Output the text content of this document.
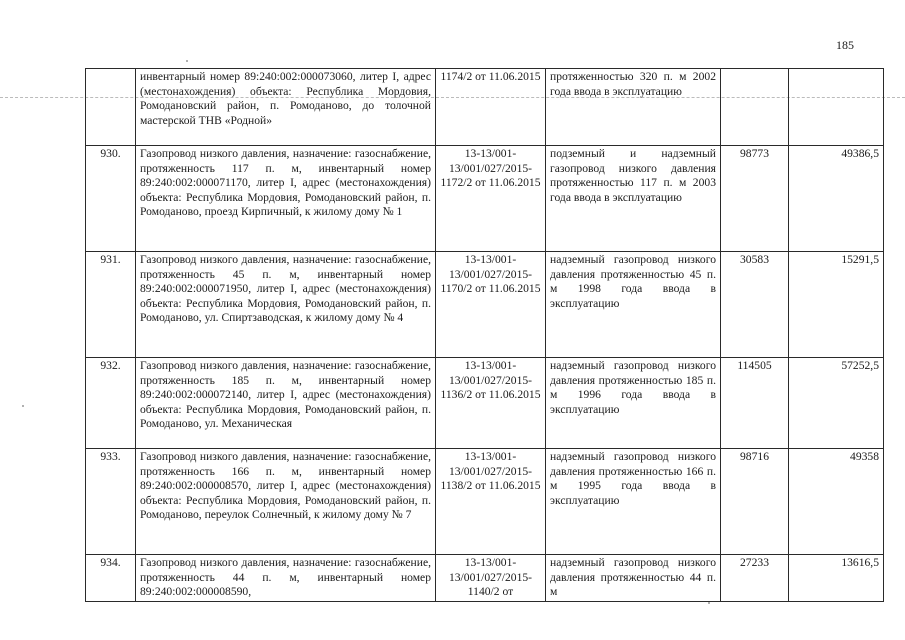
185
	инвентарный номер 89:240:002:000073060, литер I, адрес (местонахождения) объекта: Республика Мордовия, Ромодановский район, п. Ромоданово, до толочной мастерской ТНВ «Родной»	1174/2 от 11.06.2015	протяженностью 320 п. м 2002 года ввода в эксплуатацию		
930.	Газопровод низкого давления, назначение: газоснабжение, протяженность 117 п. м, инвентарный номер 89:240:002:000071170, литер I, адрес (местонахождения) объекта: Республика Мордовия, Ромодановский район, п. Ромоданово, проезд Кирпичный, к жилому дому № 1	13-13/001-13/001/027/2015-1172/2 от 11.06.2015	подземный и надземный газопровод низкого давления протяженностью 117 п. м 2003 года ввода в эксплуатацию	98773	49386,5
931.	Газопровод низкого давления, назначение: газоснабжение, протяженность 45 п. м, инвентарный номер 89:240:002:000071950, литер I, адрес (местонахождения) объекта: Республика Мордовия, Ромодановский район, п. Ромоданово, ул. Спиртзаводская, к жилому дому № 4	13-13/001-13/001/027/2015-1170/2 от 11.06.2015	надземный газопровод низкого давления протяженностью 45 п. м 1998 года ввода в эксплуатацию	30583	15291,5
932.	Газопровод низкого давления, назначение: газоснабжение, протяженность 185 п. м, инвентарный номер 89:240:002:000072140, литер I, адрес (местонахождения) объекта: Республика Мордовия, Ромодановский район, п. Ромоданово, ул. Механическая	13-13/001-13/001/027/2015-1136/2 от 11.06.2015	надземный газопровод низкого давления протяженностью 185 п. м 1996 года ввода в эксплуатацию	114505	57252,5
933.	Газопровод низкого давления, назначение: газоснабжение, протяженность 166 п. м, инвентарный номер 89:240:002:000008570, литер I, адрес (местонахождения) объекта: Республика Мордовия, Ромодановский район, п. Ромоданово, переулок Солнечный, к жилому дому № 7	13-13/001-13/001/027/2015-1138/2 от 11.06.2015	надземный газопровод низкого давления протяженностью 166 п. м 1995 года ввода в эксплуатацию	98716	49358
934.	Газопровод низкого давления, назначение: газоснабжение, протяженность 44 п. м, инвентарный номер 89:240:002:000008590,	13-13/001-13/001/027/2015-1140/2 от	надземный газопровод низкого давления протяженностью 44 п. м	27233	13616,5
